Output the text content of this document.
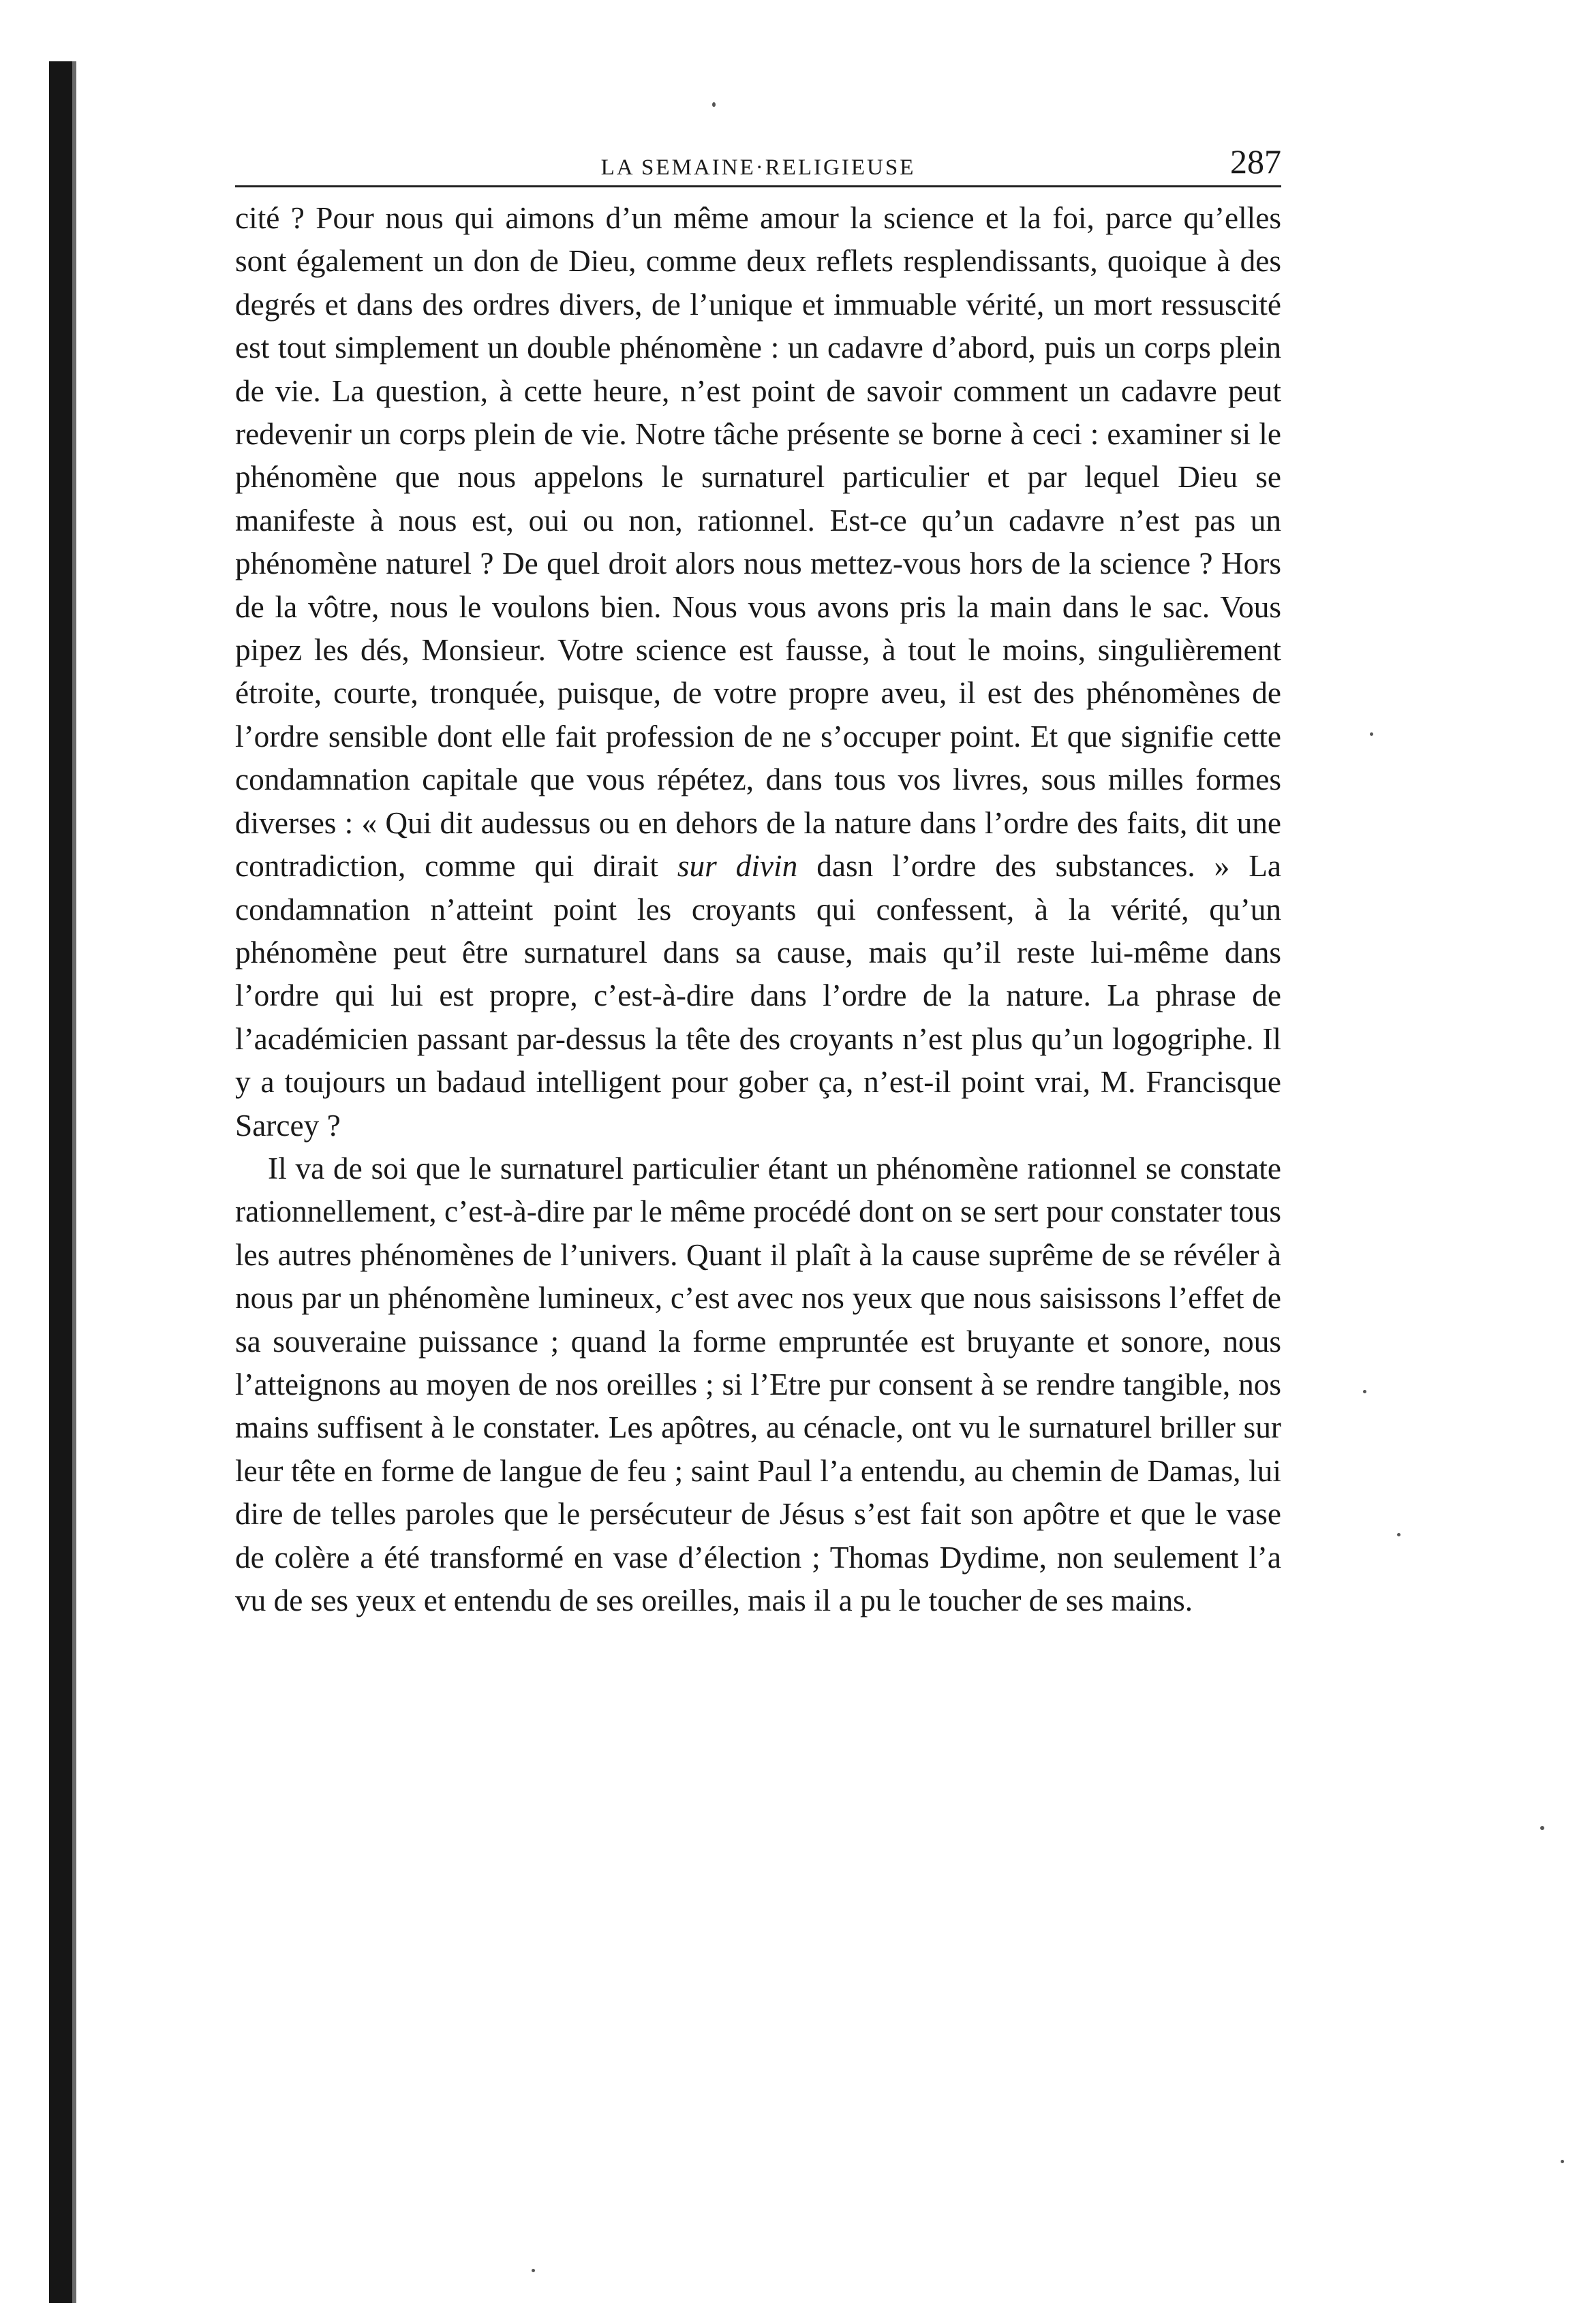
LA SEMAINE·RELIGIEUSE	287

cité ? Pour nous qui aimons d’un même amour la science et la foi, parce qu’elles sont également un don de Dieu, comme deux reflets resplendissants, quoique à des degrés et dans des ordres divers, de l’unique et immuable vérité, un mort ressuscité est tout simplement un double phénomène : un cadavre d’abord, puis un corps plein de vie. La question, à cette heure, n’est point de savoir comment un cadavre peut redevenir un corps plein de vie. Notre tâche présente se borne à ceci : examiner si le phénomène que nous appelons le surnaturel particulier et par lequel Dieu se manifeste à nous est, oui ou non, rationnel. Est-ce qu’un cadavre n’est pas un phénomène naturel ? De quel droit alors nous mettez-vous hors de la science ? Hors de la vôtre, nous le voulons bien. Nous vous avons pris la main dans le sac. Vous pipez les dés, Monsieur. Votre science est fausse, à tout le moins, singulièrement étroite, courte, tronquée, puisque, de votre propre aveu, il est des phénomènes de l’ordre sensible dont elle fait profession de ne s’occuper point. Et que signifie cette condamnation capitale que vous répétez, dans tous vos livres, sous milles formes diverses : « Qui dit audessus ou en dehors de la nature dans l’ordre des faits, dit une contradiction, comme qui dirait sur divin dasn l’ordre des substances. » La condamnation n’atteint point les croyants qui confessent, à la vérité, qu’un phénomène peut être surnaturel dans sa cause, mais qu’il reste lui-même dans l’ordre qui lui est propre, c’est-à-dire dans l’ordre de la nature. La phrase de l’académicien passant par-dessus la tête des croyants n’est plus qu’un logogriphe. Il y a toujours un badaud intelligent pour gober ça, n’est-il point vrai, M. Francisque Sarcey ?

Il va de soi que le surnaturel particulier étant un phénomène rationnel se constate rationnellement, c’est-à-dire par le même procédé dont on se sert pour constater tous les autres phénomènes de l’univers. Quant il plaît à la cause suprême de se révéler à nous par un phénomène lumineux, c’est avec nos yeux que nous saisissons l’effet de sa souveraine puissance ; quand la forme empruntée est bruyante et sonore, nous l’atteignons au moyen de nos oreilles ; si l’Etre pur consent à se rendre tangible, nos mains suffisent à le constater. Les apôtres, au cénacle, ont vu le surnaturel briller sur leur tête en forme de langue de feu ; saint Paul l’a entendu, au chemin de Damas, lui dire de telles paroles que le persécuteur de Jésus s’est fait son apôtre et que le vase de colère a été transformé en vase d’élection ; Thomas Dydime, non seulement l’a vu de ses yeux et entendu de ses oreilles, mais il a pu le toucher de ses mains.
